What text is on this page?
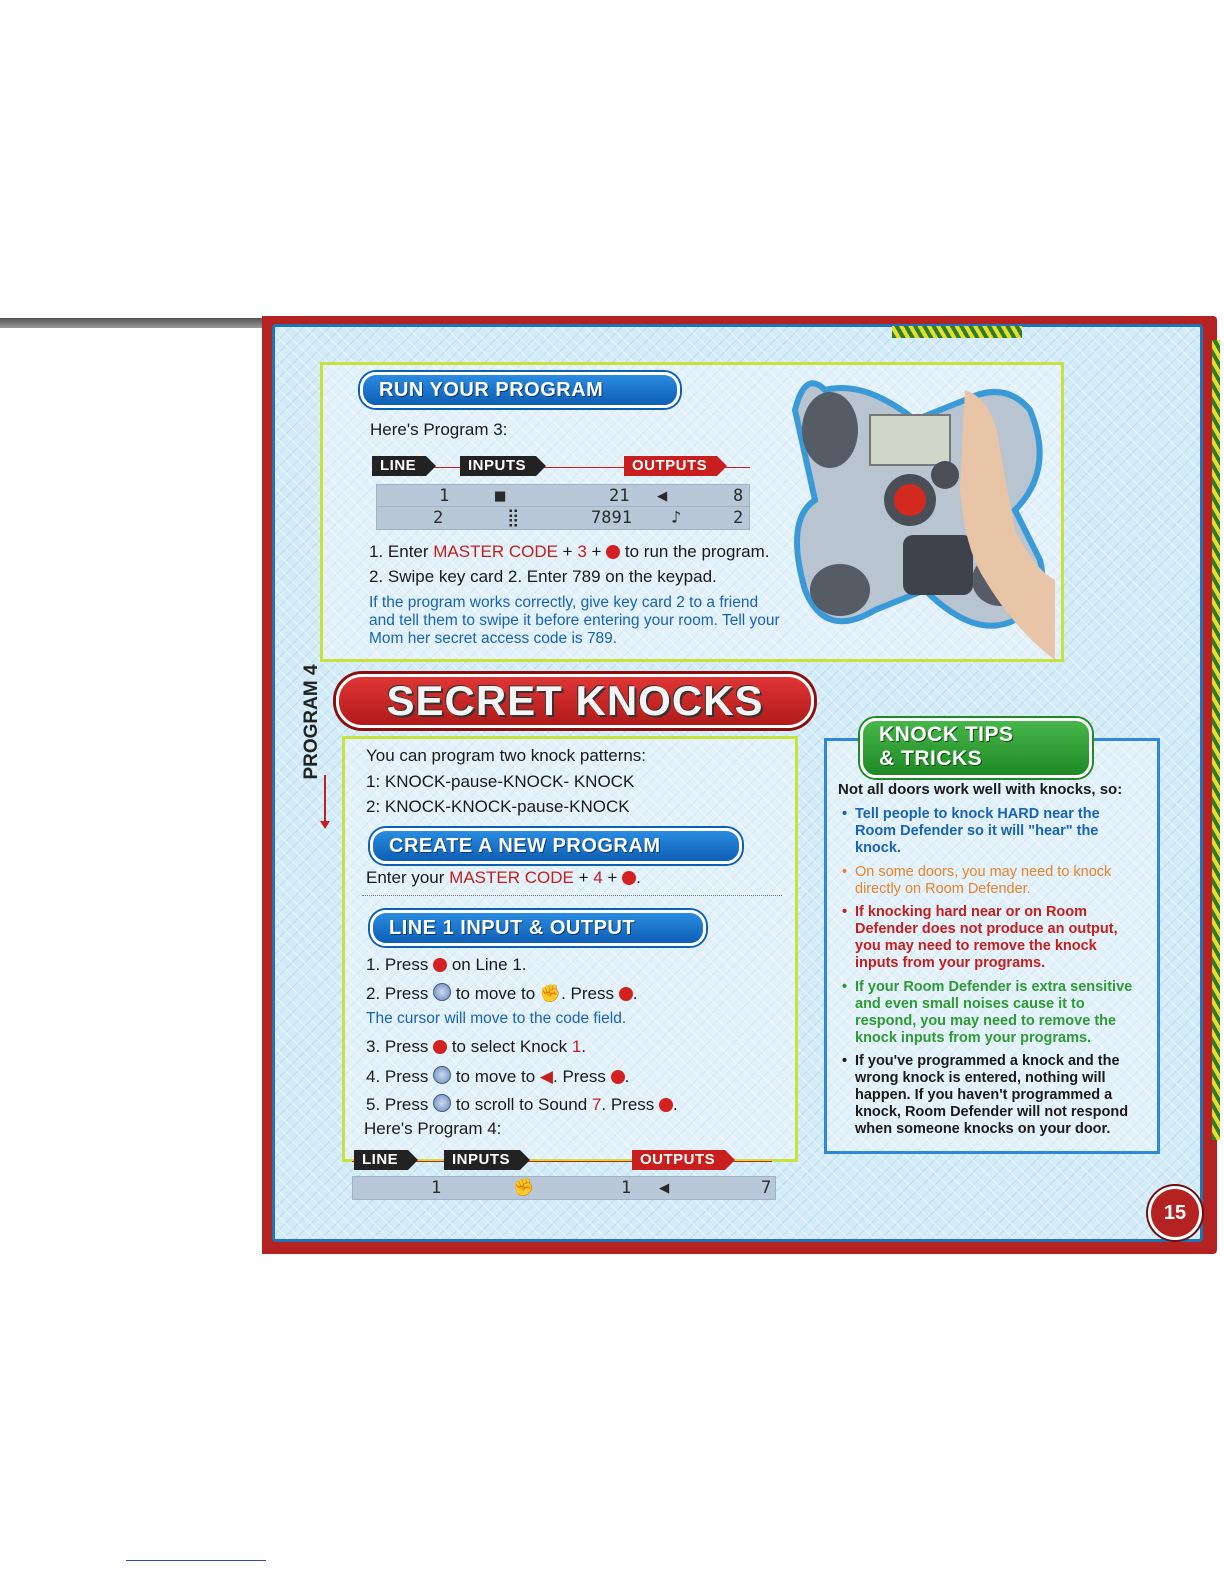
RUN YOUR PROGRAM
Here's Program 3:
LINE	INPUTS	OUTPUTS
1	■	21 ◀	8
2	⣿	7891 ♪	2
1. Enter MASTER CODE + 3 +  to run the program.
2. Swipe key card 2. Enter 789 on the keypad.
If the program works correctly, give key card 2 to a friend
and tell them to swipe it before entering your room. Tell your
Mom her secret access code is 789.
PROGRAM 4	SECRET KNOCKS
You can program two knock patterns:
1: KNOCK-pause-KNOCK- KNOCK
2: KNOCK-KNOCK-pause-KNOCK
CREATE A NEW PROGRAM
Enter your MASTER CODE + 4 + .
LINE 1 INPUT & OUTPUT
1. Press  on Line 1.
2. Press  to move to ✊. Press .
The cursor will move to the code field.
3. Press  to select Knock 1.
4. Press  to move to ◀. Press .
5. Press  to scroll to Sound 7. Press .
Here's Program 4:
LINE	INPUTS	OUTPUTS
1	✊	1 ◀	7
KNOCK TIPS
& TRICKS
Not all doors work well with knocks, so:
• Tell people to knock HARD near the Room Defender so it will "hear" the knock.
• On some doors, you may need to knock directly on Room Defender.
• If knocking hard near or on Room Defender does not produce an output, you may need to remove the knock inputs from your programs.
• If your Room Defender is extra sensitive and even small noises cause it to respond, you may need to remove the knock inputs from your programs.
• If you've programmed a knock and the wrong knock is entered, nothing will happen. If you haven't programmed a knock, Room Defender will not respond when someone knocks on your door.
15
